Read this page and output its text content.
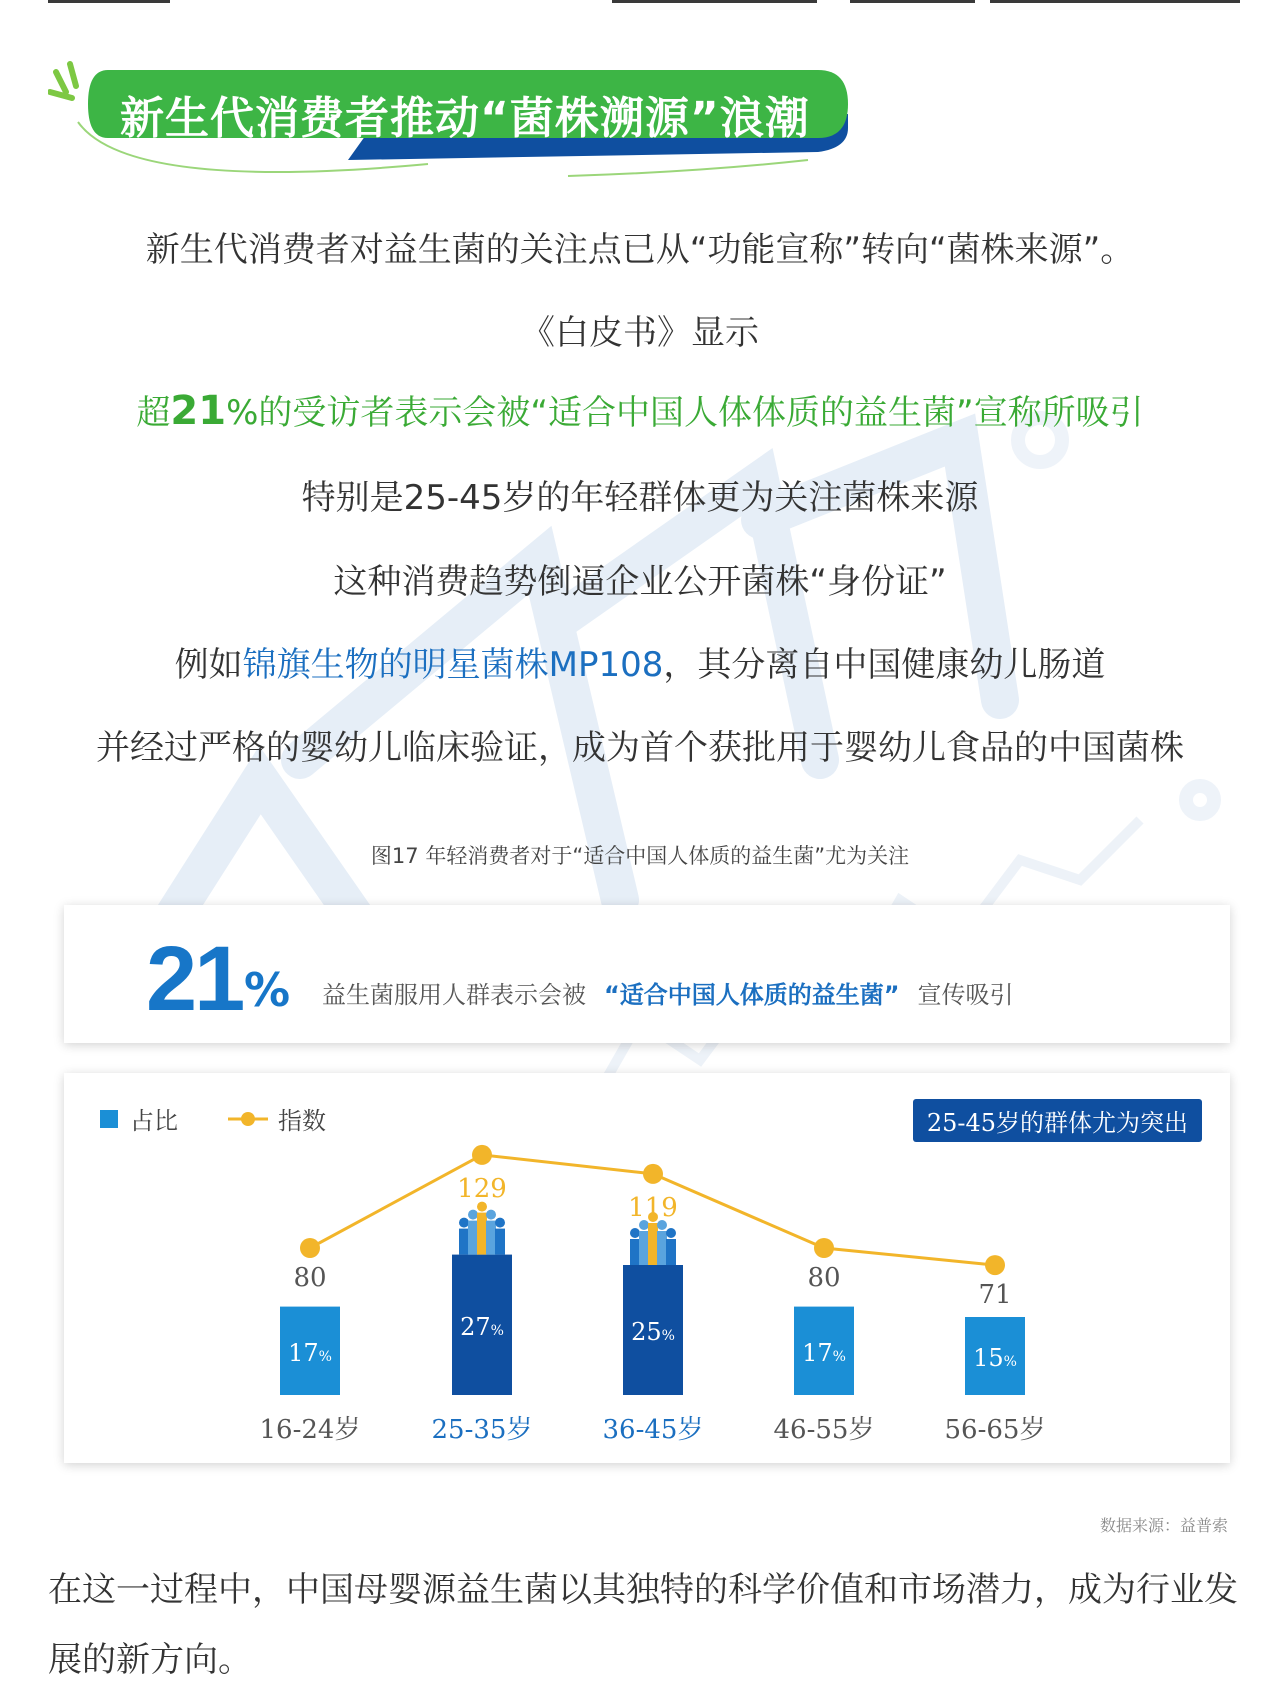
新生代消费者推动“菌株溯源”浪潮
新生代消费者对益生菌的关注点已从“功能宣称”转向“菌株来源”。
《白皮书》显示
超21%的受访者表示会被“适合中国人体体质的益生菌”宣称所吸引
特别是25-45岁的年轻群体更为关注菌株来源
这种消费趋势倒逼企业公开菌株“身份证”
例如锦旗生物的明星菌株MP108，其分离自中国健康幼儿肠道
并经过严格的婴幼儿临床验证，成为首个获批用于婴幼儿食品的中国菌株
图17 年轻消费者对于“适合中国人体质的益生菌”尤为关注
21 % 益生菌服用人群表示会被 “适合中国人体质的益生菌” 宣传吸引
占比	指数	25-45岁的群体尤为突出
17%
80
16-24岁
27%
129
25-35岁
25%
119
36-45岁
17%
80
46-55岁
15%
71
56-65岁
数据来源：益普索
在这一过程中，中国母婴源益生菌以其独特的科学价值和市场潜力，成为行业发展的新方向。
